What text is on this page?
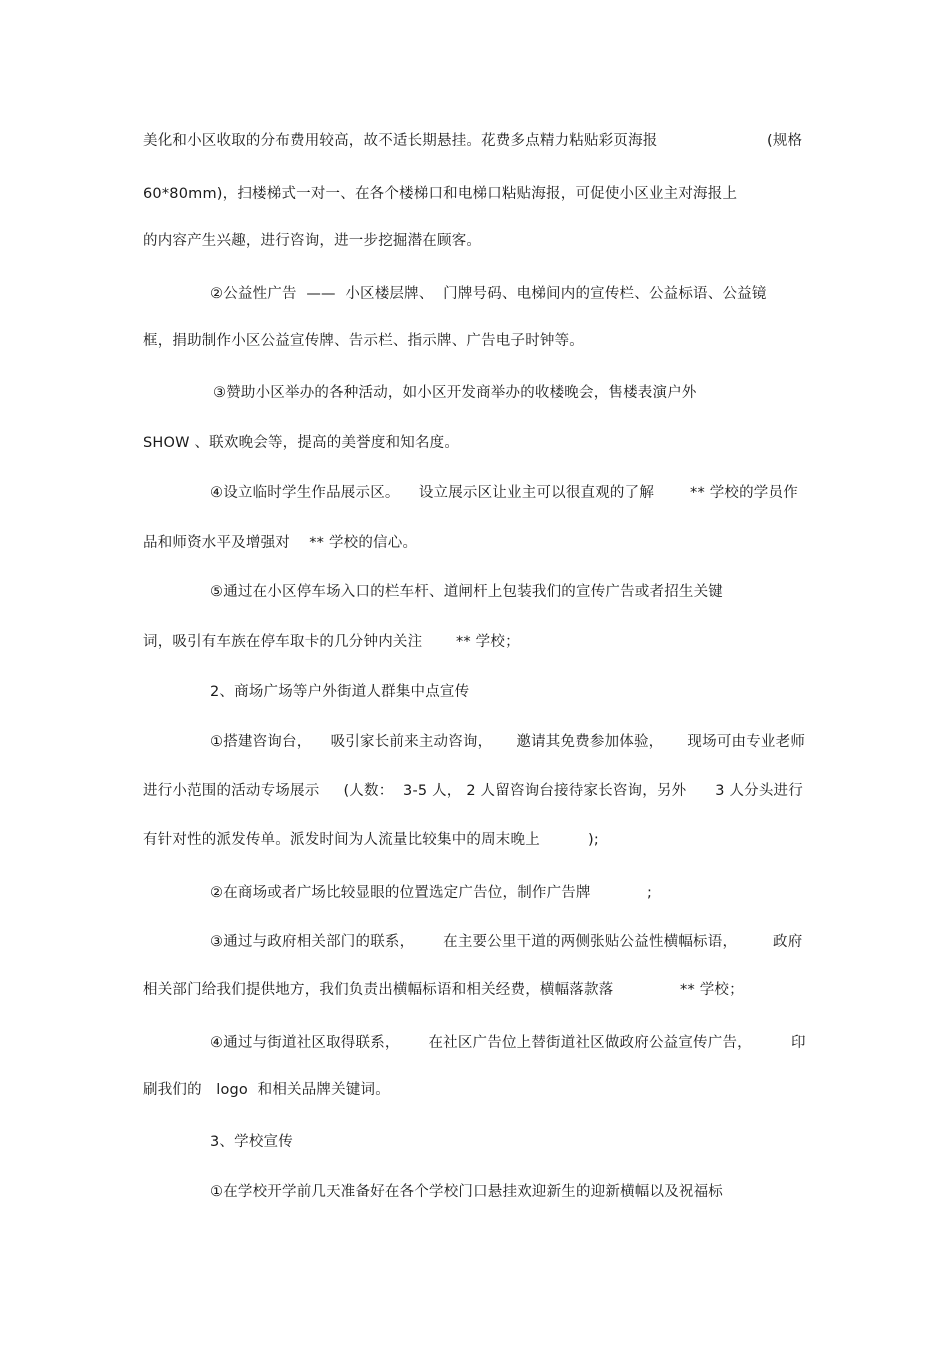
美化和小区收取的分布费用较高，故不适长期悬挂。花费多点精力粘贴彩页海报	(规格

60*80mm)，扫楼梯式一对一、在各个楼梯口和电梯口粘贴海报，可促使小区业主对海报上

的内容产生兴趣，进行咨询，进一步挖掘潜在顾客。

②公益性广告  ——  小区楼层牌、  门牌号码、电梯间内的宣传栏、公益标语、公益镜

框，捐助制作小区公益宣传牌、告示栏、指示牌、广告电子时钟等。

③赞助小区举办的各种活动，如小区开发商举办的收楼晚会，售楼表演户外

SHOW 、联欢晚会等，提高的美誉度和知名度。

④设立临时学生作品展示区。    设立展示区让业主可以很直观的了解 ** 学校的学员作

品和师资水平及增强对    ** 学校的信心。

⑤通过在小区停车场入口的栏车杆、道闸杆上包装我们的宣传广告或者招生关键

词，吸引有车族在停车取卡的几分钟内关注       ** 学校；

2、商场广场等户外街道人群集中点宣传

①搭建咨询台，    吸引家长前来主动咨询，     邀请其免费参加体验，     现场可由专业老师

进行小范围的活动专场展示     (人数：  3-5 人， 2 人留咨询台接待家长咨询，另外      3 人分头进行

有针对性的派发传单。派发时间为人流量比较集中的周末晚上          );

②在商场或者广场比较显眼的位置选定广告位，制作广告牌	;

③通过与政府相关部门的联系，      在主要公里干道的两侧张贴公益性横幅标语， 政府

相关部门给我们提供地方，我们负责出横幅标语和相关经费，横幅落款落	** 学校；

④通过与街道社区取得联系，      在社区广告位上替街道社区做政府公益宣传广告，	印

刷我们的   logo  和相关品牌关键词。

3、学校宣传

①在学校开学前几天准备好在各个学校门口悬挂欢迎新生的迎新横幅以及祝福标
